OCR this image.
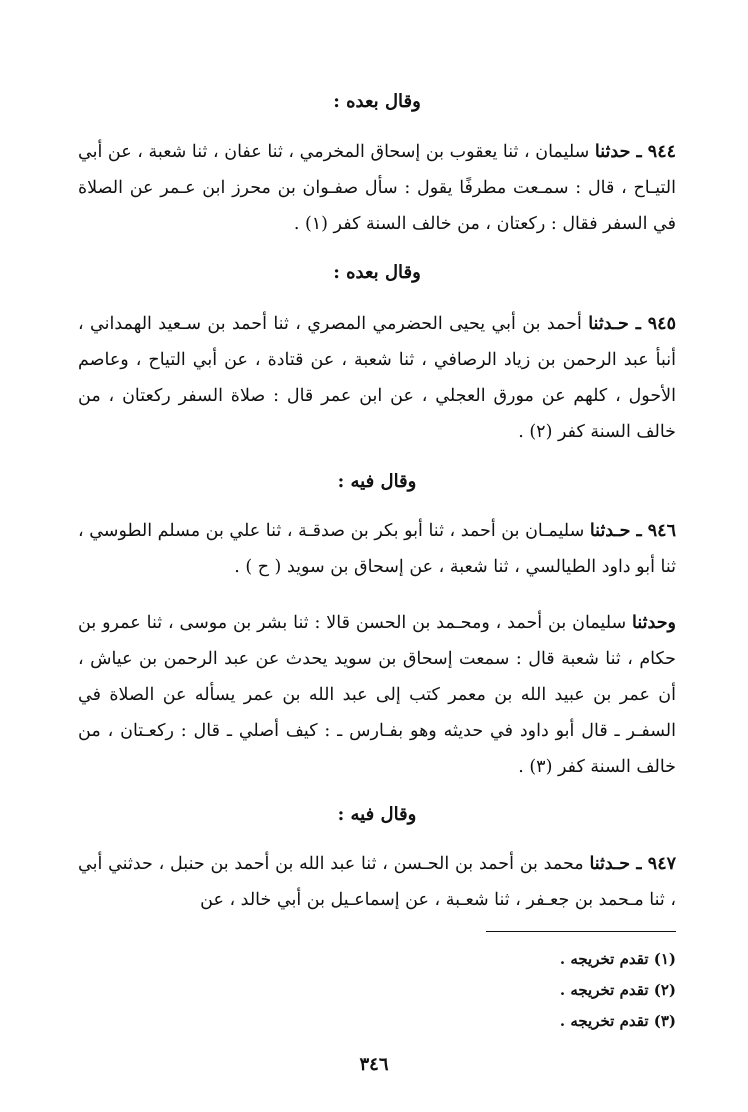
وقال بعده :

٩٤٤ ـ حدثنا سليمان ، ثنا يعقوب بن إسحاق المخرمي ، ثنا عفان ، ثنا شعبة ، عن أبي التيـاح ، قال : سمـعت مطرفًا يقول : سأل صفـوان بن محرز ابن عـمر عن الصلاة في السفر فقال : ركعتان ، من خالف السنة كفر (١) .

وقال بعده :

٩٤٥ ـ حـدثنا أحمد بن أبي يحيى الحضرمي المصري ، ثنا أحمد بن سـعيد الهمداني ، أنبأ عبد الرحمن بن زياد الرصافي ، ثنا شعبة ، عن قتادة ، عن أبي التياح ، وعاصم الأحول ، كلهم عن مورق العجلي ، عن ابن عمر قال : صلاة السفر ركعتان ، من خالف السنة كفر (٢) .

وقال فيه :

٩٤٦ ـ حـدثنا سليمـان بن أحمد ، ثنا أبو بكر بن صدقـة ، ثنا علي بن مسلم الطوسي ، ثنا أبو داود الطيالسي ، ثنا شعبة ، عن إسحاق بن سويد ( ح ) .

وحدثنا سليمان بن أحمد ، ومحـمد بن الحسن قالا : ثنا بشر بن موسى ، ثنا عمرو بن حكام ، ثنا شعبة قال : سمعت إسحاق بن سويد يحدث عن عبد الرحمن بن عياش ، أن عمر بن عبيد الله بن معمر كتب إلى عبد الله بن عمر يسأله عن الصلاة في السفـر ـ قال أبو داود في حديثه وهو بفـارس ـ : كيف أصلي ـ قال : ركعـتان ، من خالف السنة كفر (٣) .

وقال فيه :

٩٤٧ ـ حـدثنا محمد بن أحمد بن الحـسن ، ثنا عبد الله بن أحمد بن حنبل ، حدثني أبي ، ثنا مـحمد بن جعـفر ، ثنا شعـبة ، عن إسماعـيل بن أبي خالد ، عن

(١) تقدم تخريجه .
(٢) تقدم تخريجه .
(٣) تقدم تخريجه .
٣٤٦
